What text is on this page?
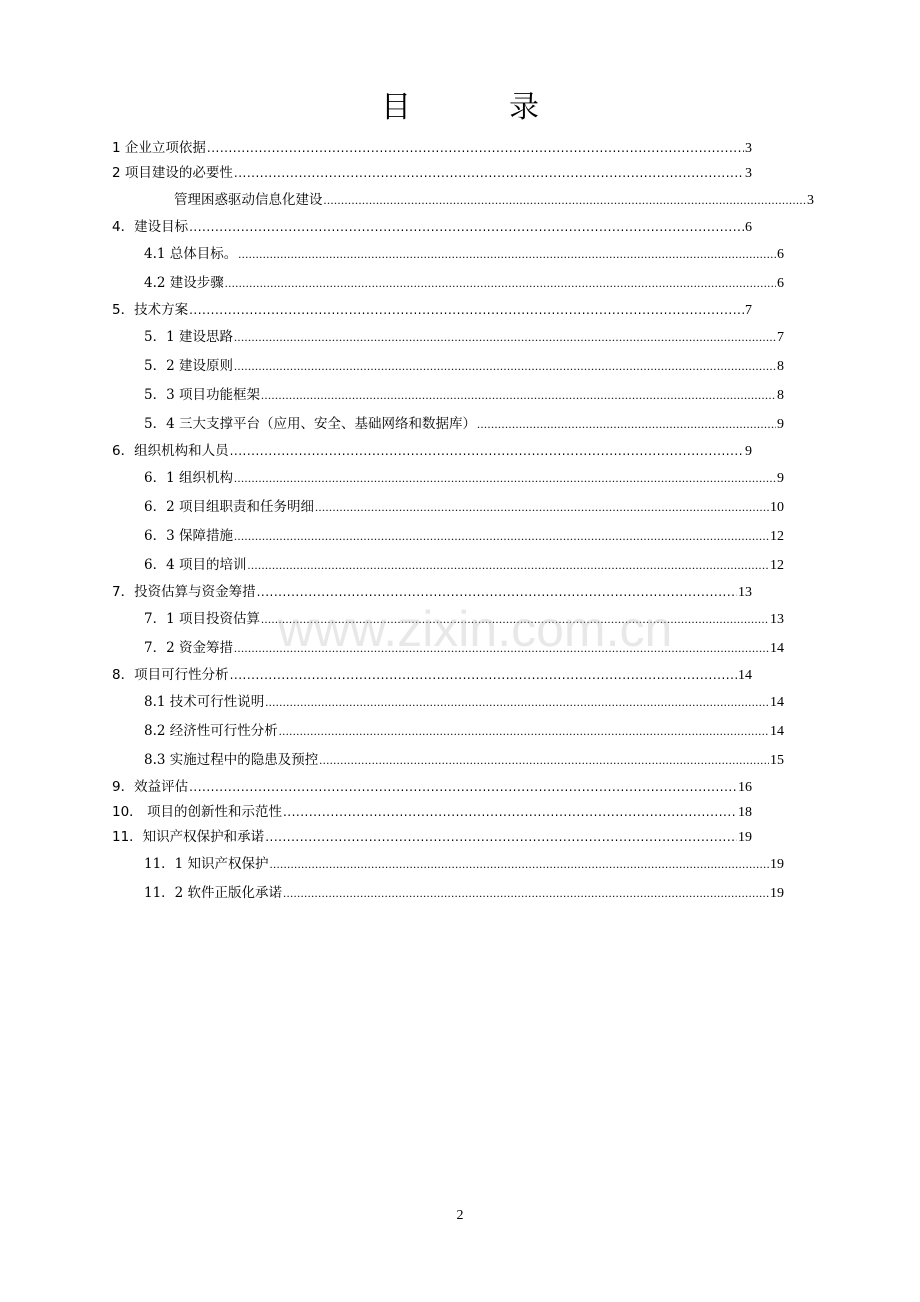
目　录
1 企业立项依据 .....	3
2 项目建设的必要性 .....	3
管理困惑驱动信息化建设 .....	3
4．建设目标 .....	6
4.1 总体目标。 .....	6
4.2 建设步骤 .....	6
5．技术方案 .....	7
5．1 建设思路 .....	7
5．2 建设原则 .....	8
5．3 项目功能框架 .....	8
5．4 三大支撑平台（应用、安全、基础网络和数据库） .....	9
6．组织机构和人员 .....	9
6．1 组织机构 .....	9
6．2 项目组职责和任务明细 .....	10
6．3 保障措施 .....	12
6．4 项目的培训 .....	12
7．投资估算与资金筹措 .....	13
7．1 项目投资估算 .....	13
7．2 资金筹措 .....	14
8．项目可行性分析 .....	14
8.1 技术可行性说明 .....	14
8.2 经济性可行性分析 .....	14
8.3 实施过程中的隐患及预控 .....	15
9．效益评估 .....	16
10． 项目的创新性和示范性 .....	18
11．知识产权保护和承诺 .....	19
11．1 知识产权保护 .....	19
11．2 软件正版化承诺 .....	19
www.zixin.com.cn
2
